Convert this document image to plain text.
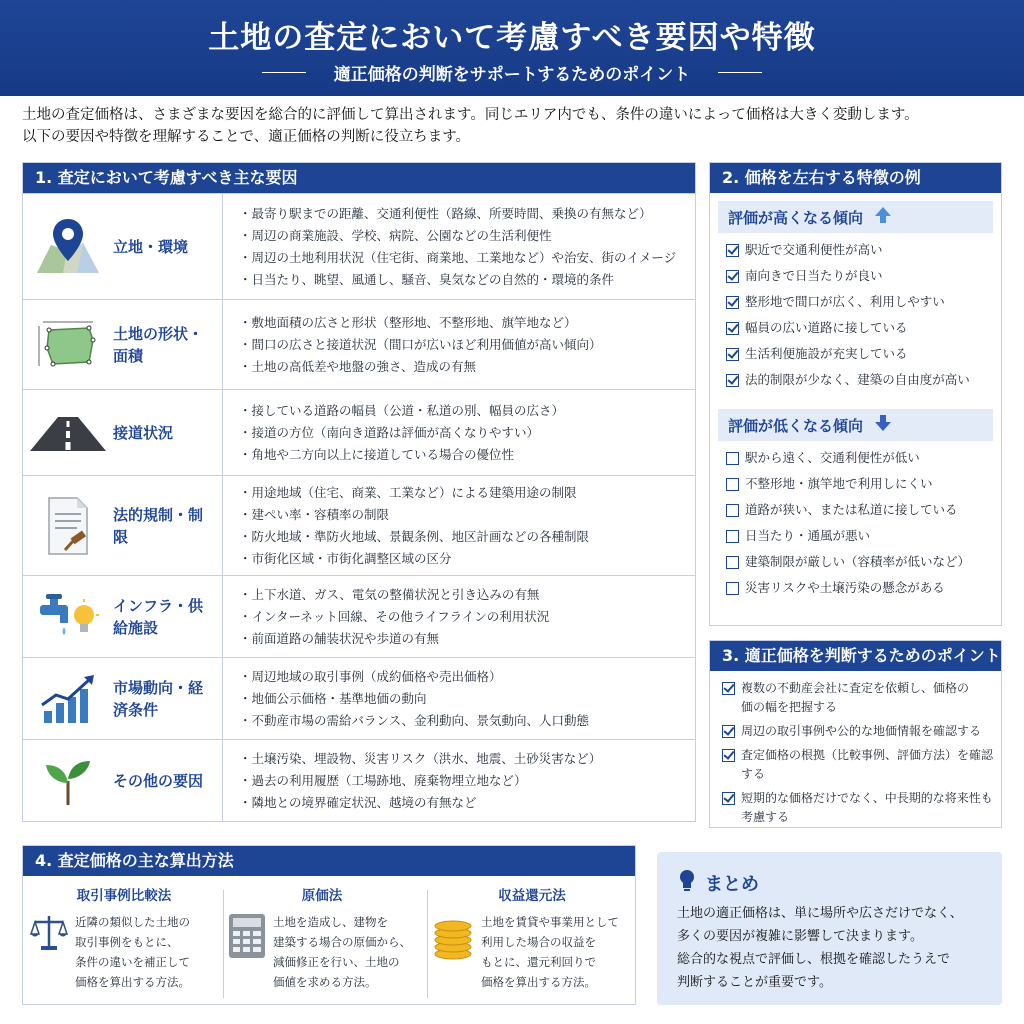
土地の査定において考慮すべき要因や特徴
適正価格の判断をサポートするためのポイント
土地の査定価格は、さまざまな要因を総合的に評価して算出されます。同じエリア内でも、条件の違いによって価格は大きく変動します。
以下の要因や特徴を理解することで、適正価格の判断に役立ちます。
1. 査定において考慮すべき主な要因
立地・環境
・ 最寄り駅までの距離、交通利便性（路線、所要時間、乗換の有無など）
・ 周辺の商業施設、学校、病院、公園などの生活利便性
・ 周辺の土地利用状況（住宅街、商業地、工業地など）や治安、街のイメージ
・ 日当たり、眺望、風通し、騒音、臭気などの自然的・環境的条件
土地の形状・面積
・ 敷地面積の広さと形状（整形地、不整形地、旗竿地など）
・ 間口の広さと接道状況（間口が広いほど利用価値が高い傾向）
・ 土地の高低差や地盤の強さ、造成の有無
接道状況
・ 接している道路の幅員（公道・私道の別、幅員の広さ）
・ 接道の方位（南向き道路は評価が高くなりやすい）
・ 角地や二方向以上に接道している場合の優位性
法的規制・制限
・ 用途地域（住宅、商業、工業など）による建築用途の制限
・ 建ぺい率・容積率の制限
・ 防火地域・準防火地域、景観条例、地区計画などの各種制限
・ 市街化区域・市街化調整区域の区分
インフラ・供給施設
・ 上下水道、ガス、電気の整備状況と引き込みの有無
・ インターネット回線、その他ライフラインの利用状況
・ 前面道路の舗装状況や歩道の有無
市場動向・経済条件
・ 周辺地域の取引事例（成約価格や売出価格）
・ 地価公示価格・基準地価の動向
・ 不動産市場の需給バランス、金利動向、景気動向、人口動態
その他の要因
・ 土壌汚染、埋設物、災害リスク（洪水、地震、土砂災害など）
・ 過去の利用履歴（工場跡地、廃棄物埋立地など）
・ 隣地との境界確定状況、越境の有無など
2. 価格を左右する特徴の例
評価が高くなる傾向
駅近で交通利便性が高い
南向きで日当たりが良い
整形地で間口が広く、利用しやすい
幅員の広い道路に接している
生活利便施設が充実している
法的制限が少なく、建築の自由度が高い
評価が低くなる傾向
駅から遠く、交通利便性が低い
不整形地・旗竿地で利用しにくい
道路が狭い、または私道に接している
日当たり・通風が悪い
建築制限が厳しい（容積率が低いなど）
災害リスクや土壌汚染の懸念がある
3. 適正価格を判断するためのポイント
複数の不動産会社に査定を依頼し、価格の
価の幅を把握する
周辺の取引事例や公的な地価情報を確認する
査定価格の根拠（比較事例、評価方法）を確認する
短期的な価格だけでなく、中長期的な将来性も
考慮する
4. 査定価格の主な算出方法
取引事例比較法
近隣の類似した土地の
取引事例をもとに、
条件の違いを補正して
価格を算出する方法。
原価法
土地を造成し、建物を
建築する場合の原価から、
減価修正を行い、土地の
価値を求める方法。
収益還元法
土地を賃貸や事業用として
利用した場合の収益を
もとに、還元利回りで
価格を算出する方法。
まとめ
土地の適正価格は、単に場所や広さだけでなく、
多くの要因が複雑に影響して決まります。
総合的な視点で評価し、根拠を確認したうえで
判断することが重要です。
